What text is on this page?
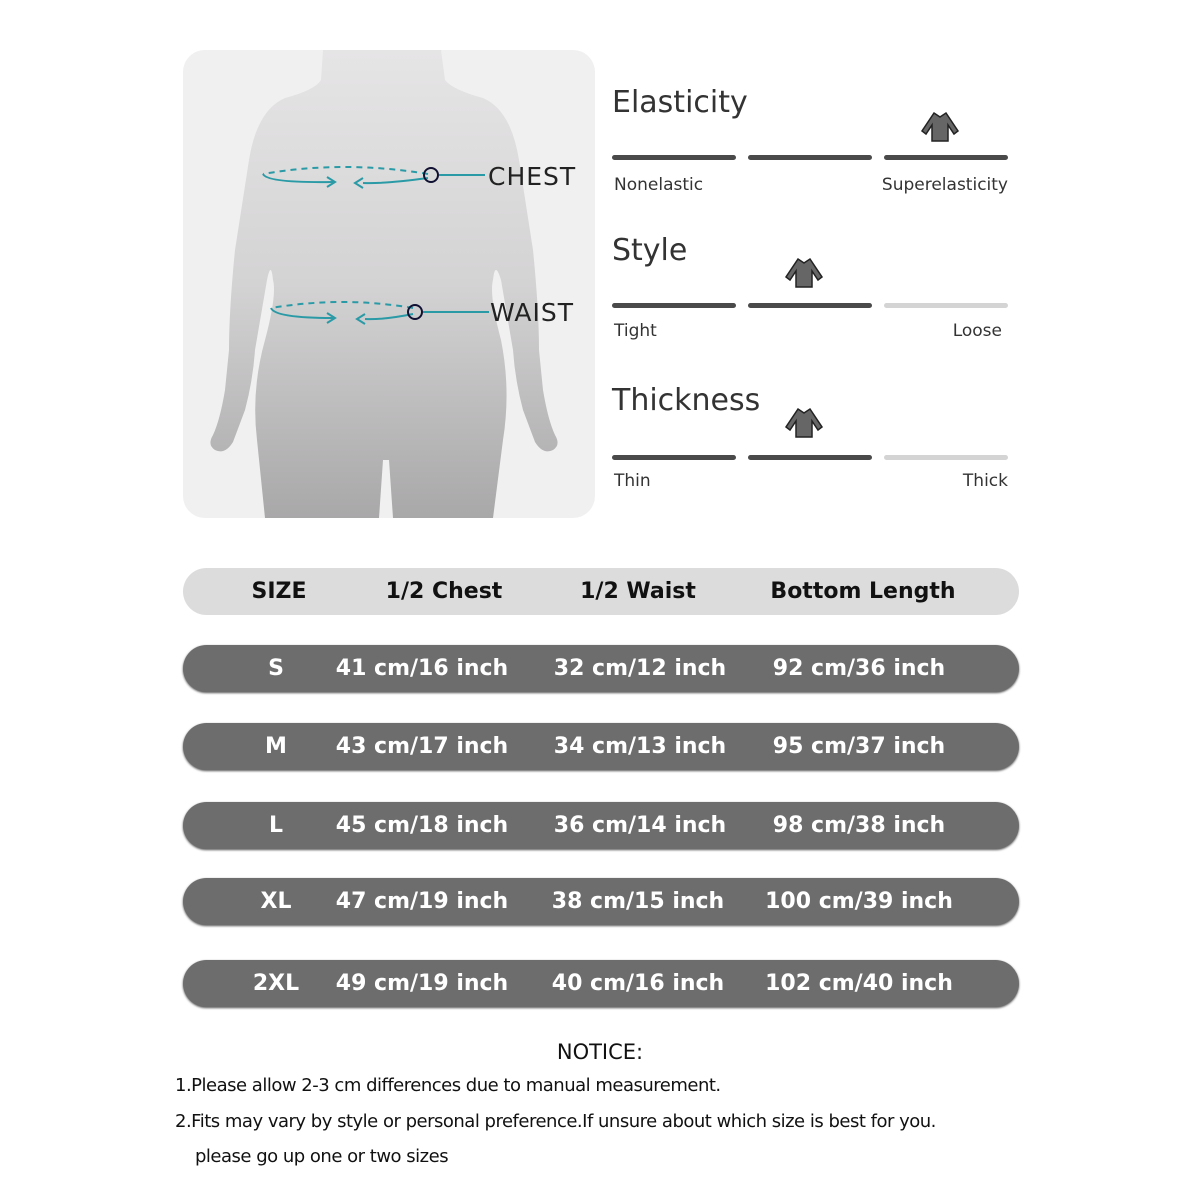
CHEST
WAIST
Elasticity
Nonelastic	Superelasticity
Style
Tight	Loose
Thickness
Thin	Thick
SIZE	1/2 Chest	1/2 Waist	Bottom Length
S 41 cm/16 inch 32 cm/12 inch 92 cm/36 inch
M 43 cm/17 inch 34 cm/13 inch 95 cm/37 inch
L 45 cm/18 inch 36 cm/14 inch 98 cm/38 inch
XL 47 cm/19 inch 38 cm/15 inch 100 cm/39 inch
2XL 49 cm/19 inch 40 cm/16 inch 102 cm/40 inch
NOTICE:
1.Please allow 2-3 cm differences due to manual measurement.
2.Fits may vary by style or personal preference.If unsure about which size is best for you.
please go up one or two sizes
